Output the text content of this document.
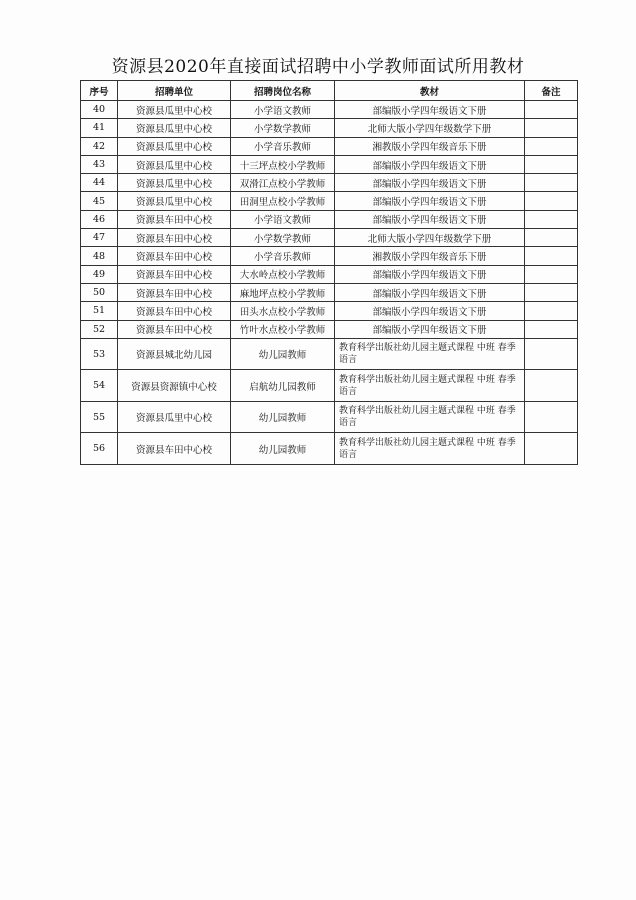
资源县2020年直接面试招聘中小学教师面试所用教材
序号	招聘单位	招聘岗位名称	教材	备注
40	资源县瓜里中心校	小学语文教师	部编版小学四年级语文下册	
41	资源县瓜里中心校	小学数学教师	北师大版小学四年级数学下册	
42	资源县瓜里中心校	小学音乐教师	湘教版小学四年级音乐下册	
43	资源县瓜里中心校	十三坪点校小学教师	部编版小学四年级语文下册	
44	资源县瓜里中心校	双滑江点校小学教师	部编版小学四年级语文下册	
45	资源县瓜里中心校	田洞里点校小学教师	部编版小学四年级语文下册	
46	资源县车田中心校	小学语文教师	部编版小学四年级语文下册	
47	资源县车田中心校	小学数学教师	北师大版小学四年级数学下册	
48	资源县车田中心校	小学音乐教师	湘教版小学四年级音乐下册	
49	资源县车田中心校	大水岭点校小学教师	部编版小学四年级语文下册	
50	资源县车田中心校	麻地坪点校小学教师	部编版小学四年级语文下册	
51	资源县车田中心校	田头水点校小学教师	部编版小学四年级语文下册	
52	资源县车田中心校	竹叶水点校小学教师	部编版小学四年级语文下册	
53	资源县城北幼儿园	幼儿园教师	教育科学出版社幼儿园主题式课程 中班 春季 语言	
54	资源县资源镇中心校	启航幼儿园教师	教育科学出版社幼儿园主题式课程 中班 春季 语言	
55	资源县瓜里中心校	幼儿园教师	教育科学出版社幼儿园主题式课程 中班 春季 语言	
56	资源县车田中心校	幼儿园教师	教育科学出版社幼儿园主题式课程 中班 春季 语言	
